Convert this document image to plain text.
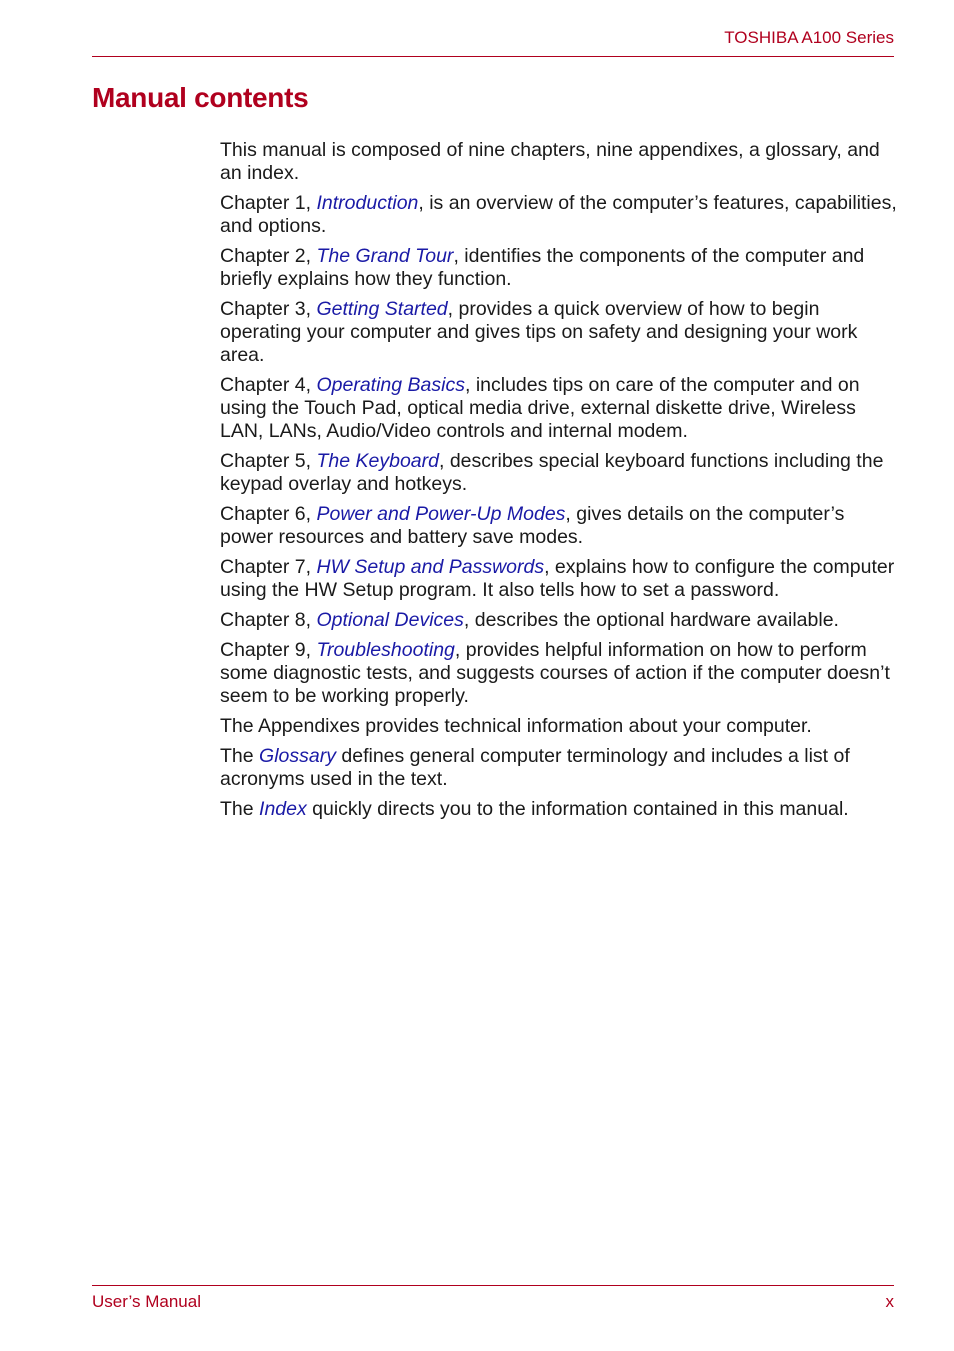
TOSHIBA A100 Series
Manual contents

This manual is composed of nine chapters, nine appendixes, a glossary, and an index.

Chapter 1, Introduction, is an overview of the computer’s features, capabilities, and options.

Chapter 2, The Grand Tour, identifies the components of the computer and briefly explains how they function.

Chapter 3, Getting Started, provides a quick overview of how to begin operating your computer and gives tips on safety and designing your work area.

Chapter 4, Operating Basics, includes tips on care of the computer and on using the Touch Pad, optical media drive, external diskette drive, Wireless LAN, LANs, Audio/Video controls and internal modem.

Chapter 5, The Keyboard, describes special keyboard functions including the keypad overlay and hotkeys.

Chapter 6, Power and Power-Up Modes, gives details on the computer’s power resources and battery save modes.

Chapter 7, HW Setup and Passwords, explains how to configure the computer using the HW Setup program. It also tells how to set a password.

Chapter 8, Optional Devices, describes the optional hardware available.

Chapter 9, Troubleshooting, provides helpful information on how to perform some diagnostic tests, and suggests courses of action if the computer doesn’t seem to be working properly.

The Appendixes provides technical information about your computer.

The Glossary defines general computer terminology and includes a list of acronyms used in the text.

The Index quickly directs you to the information contained in this manual.

User’s Manual	x
